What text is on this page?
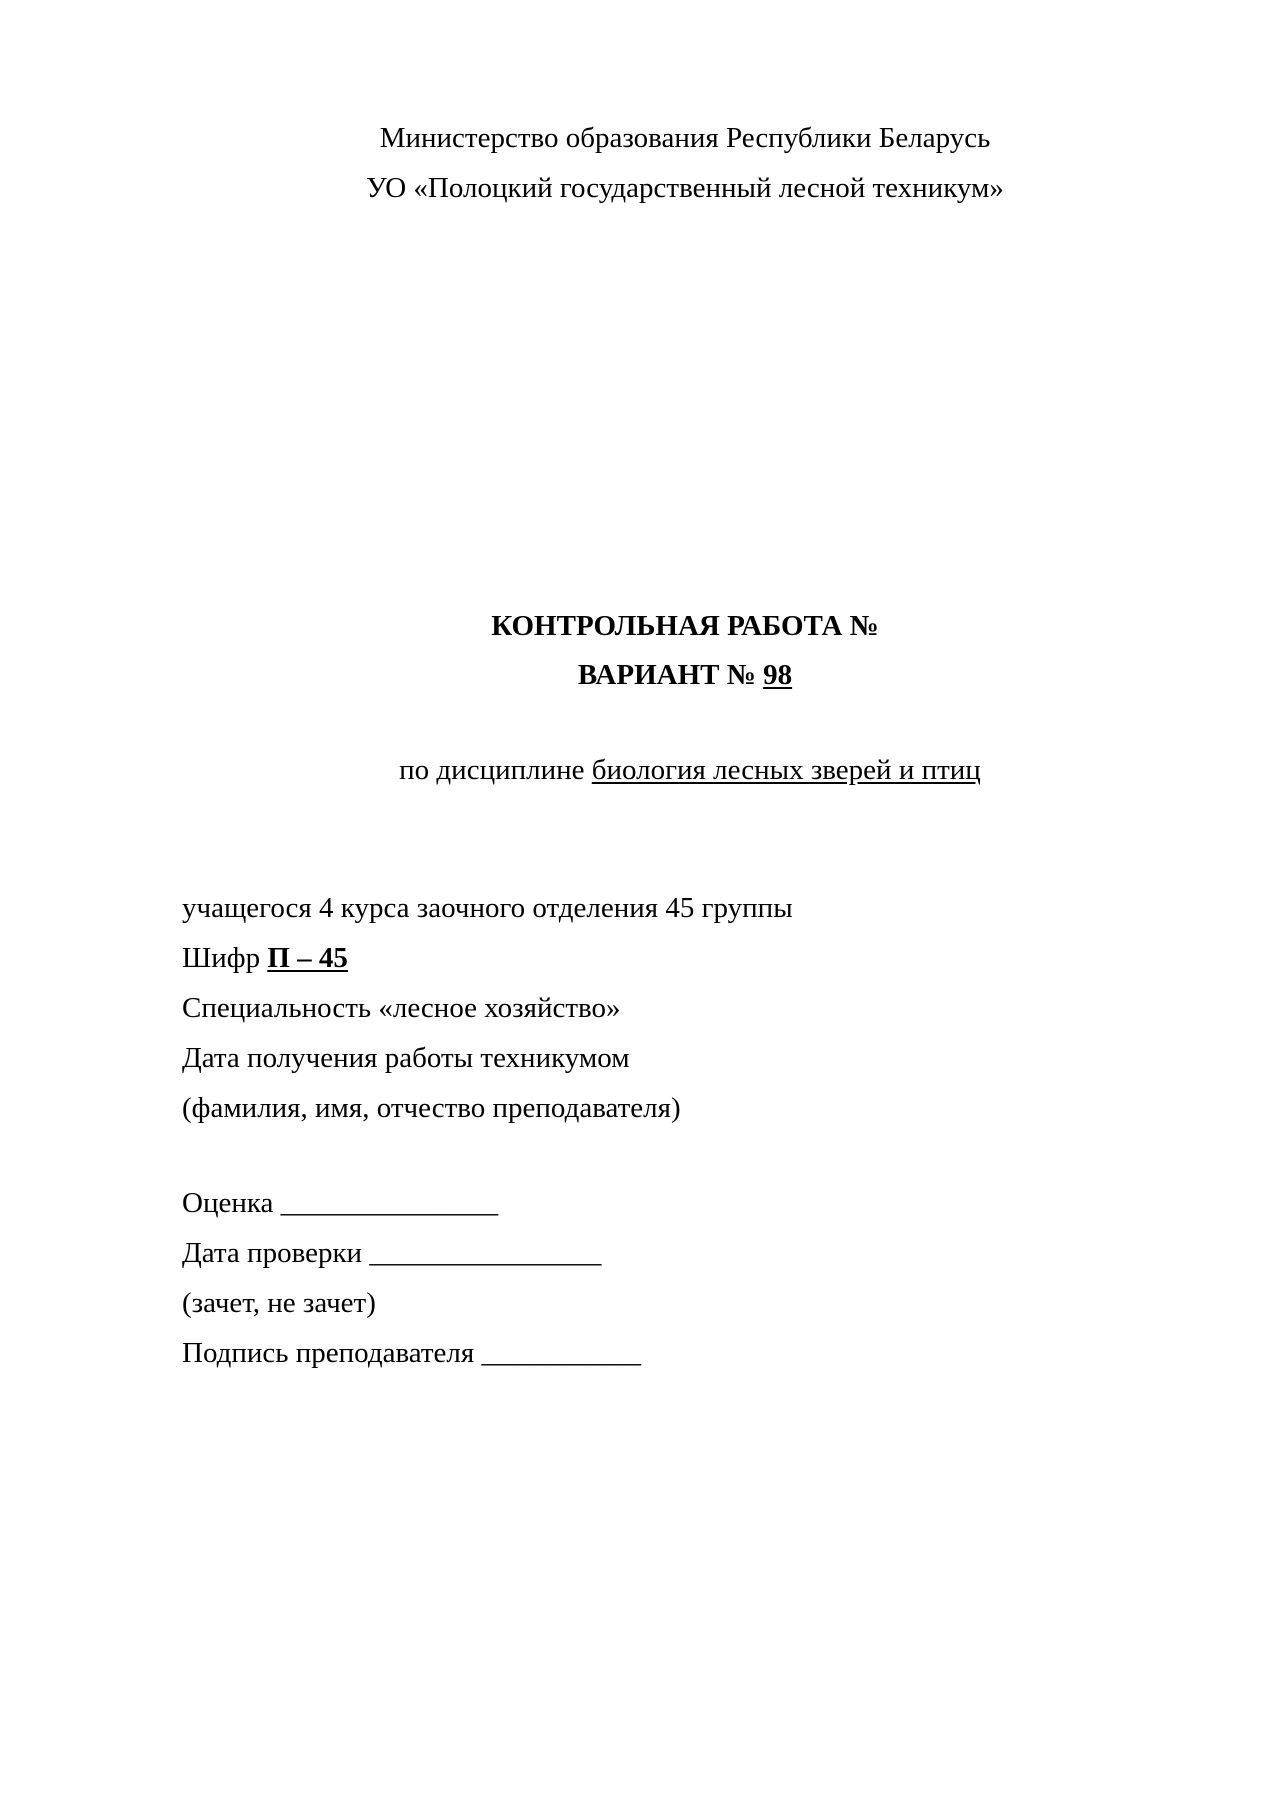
Министерство образования Республики Беларусь
УО «Полоцкий государственный лесной техникум»
КОНТРОЛЬНАЯ РАБОТА №
ВАРИАНТ № 98
по дисциплине биология лесных зверей и птиц
учащегося 4 курса заочного отделения 45 группы
Шифр П – 45
Специальность «лесное хозяйство»
Дата получения работы техникумом
(фамилия, имя, отчество преподавателя)
Оценка _______________
Дата проверки ________________
(зачет, не зачет)
Подпись преподавателя ___________
